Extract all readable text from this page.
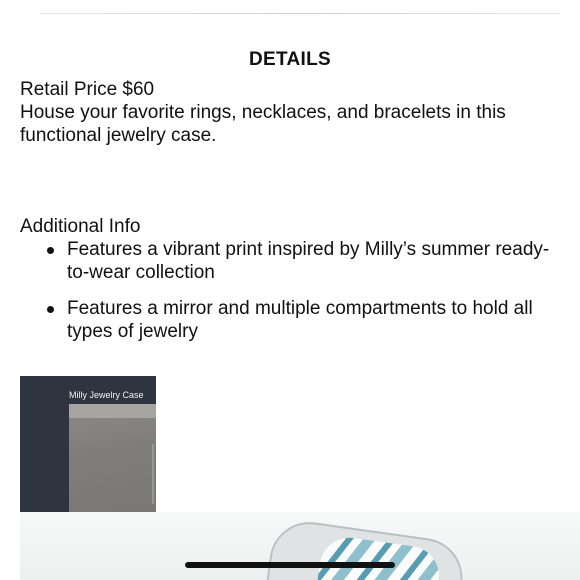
DETAILS
Retail Price $60
House your favorite rings, necklaces, and bracelets in this functional jewelry case.
Additional Info
Features a vibrant print inspired by Milly’s summer ready-to-wear collection
Features a mirror and multiple compartments to hold all types of jewelry
Milly Jewelry Case
